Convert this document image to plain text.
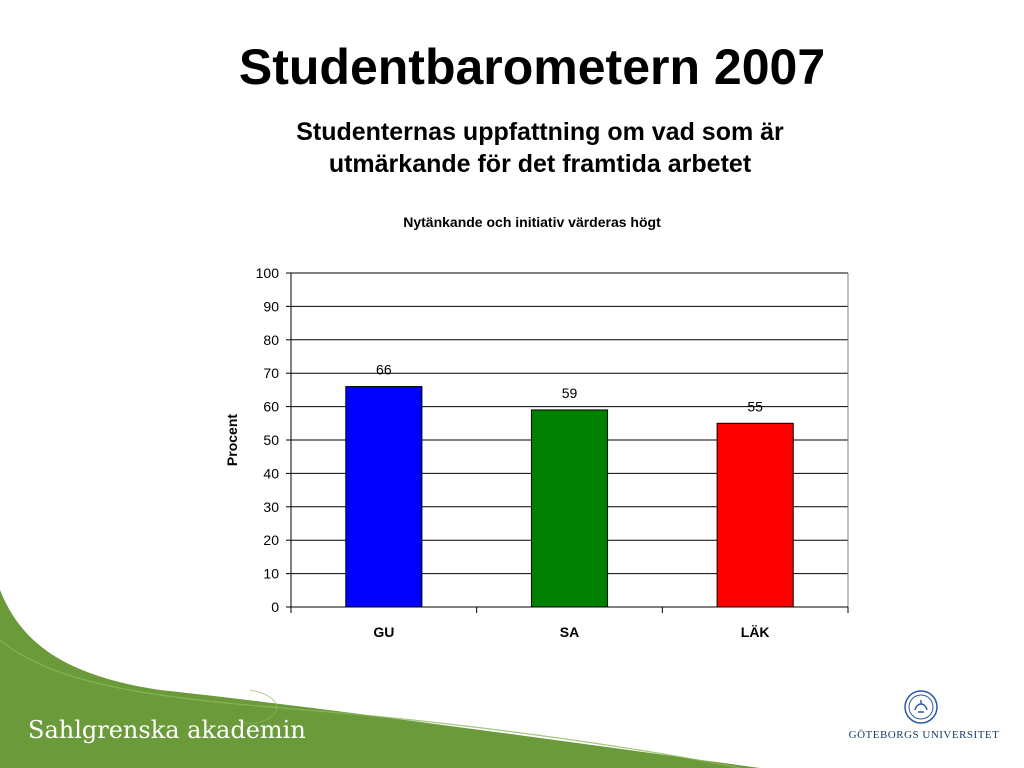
Studentbarometern 2007
Studenternas uppfattning om vad som är
utmärkande för det framtida arbetet
Nytänkande och initiativ värderas högt
Procent
66
59
55
0
10
20
30
40
50
60
70
80
90
100
GU	SA	LÄK
Sahlgrenska akademin	GÖTEBORGS UNIVERSITET
